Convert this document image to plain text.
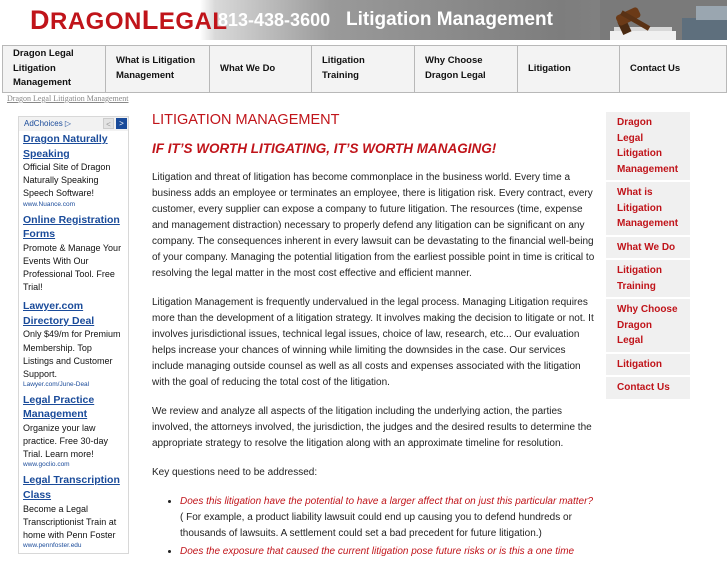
DRAGONLEGAL
813-438-3600 Litigation Management
Dragon Legal Litigation Management
What is Litigation Management
What We Do
Litigation Training
Why Choose Dragon Legal
Litigation	Contact Us
Dragon Legal Litigation Management
AdChoices ▷	<	>
Dragon Naturally Speaking
Official Site of Dragon Naturally Speaking Speech Software!
www.Nuance.com
Online Registration Forms
Promote & Manage Your Events With Our Professional Tool. Free Trial!
Lawyer.com Directory Deal
Only $49/m for Premium Membership. Top Listings and Customer Support.
Lawyer.com/June-Deal
Legal Practice Management
Organize your law practice. Free 30-day Trial. Learn more!
www.goclio.com
Legal Transcription Class
Become a Legal Transcriptionist Train at home with Penn Foster
www.pennfoster.edu
LITIGATION MANAGEMENT
IF IT’S WORTH LITIGATING, IT’S WORTH MANAGING!

Litigation and threat of litigation has become commonplace in the business world. Every time a business adds an employee or terminates an employee, there is litigation risk. Every contract, every customer, every supplier can expose a company to future litigation. The resources (time, expense and management distraction) necessary to properly defend any litigation can be significant on any company. The consequences inherent in every lawsuit can be devastating to the financial well-being of your company. Managing the potential litigation from the earliest possible point in time is critical to resolving the legal matter in the most cost effective and efficient manner.

Litigation Management is frequently undervalued in the legal process. Managing Litigation requires more than the development of a litigation strategy. It involves making the decision to litigate or not. It involves jurisdictional issues, technical legal issues, choice of law, research, etc... Our evaluation helps increase your chances of winning while limiting the downsides in the case. Our services include managing outside counsel as well as all costs and expenses associated with the litigation with the goal of reducing the total cost of the litigation.

We review and analyze all aspects of the litigation including the underlying action, the parties involved, the attorneys involved, the jurisdiction, the judges and the desired results to determine the appropriate strategy to resolve the litigation along with an approximate timeline for resolution.

Key questions need to be addressed:

• Does this litigation have the potential to have a larger affect that on just this particular matter? ( For example, a product liability lawsuit could end up causing you to defend hundreds or thousands of lawsuits. A settlement could set a bad precedent for future litigation.)
• Does the exposure that caused the current litigation pose future risks or is this a one time
Dragon Legal Litigation Management
What is Litigation Management
What We Do
Litigation Training
Why Choose Dragon Legal
Litigation
Contact Us
